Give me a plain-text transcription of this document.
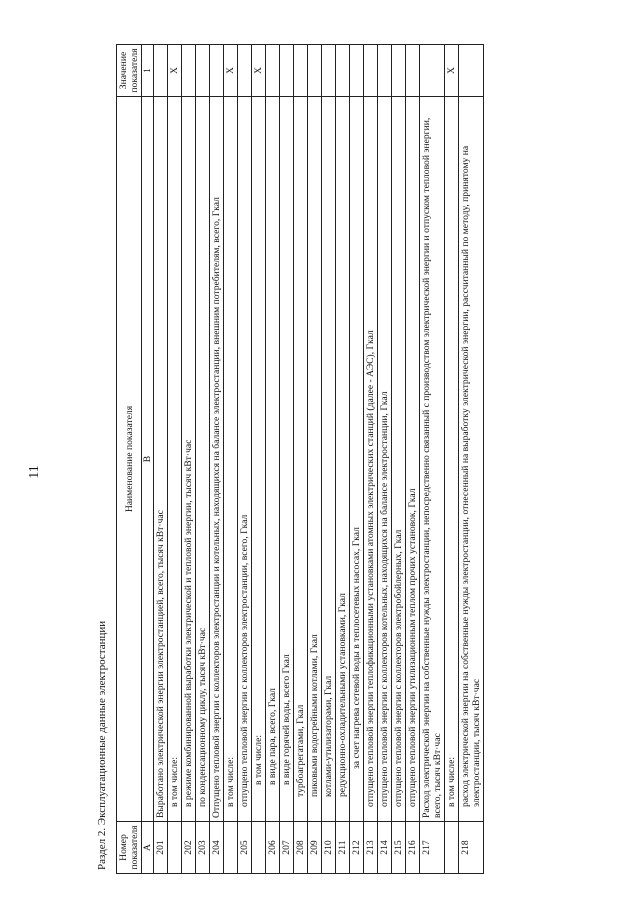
11
Раздел 2. Эксплуатационные данные электростанции Номер показателя	Наименование показателя	Значение показателя
А	В	1
201	Выработано электрической энергии электростанцией, всего, тысяч кВт·час	
	в том числе:	Х
202	в режиме комбинированной выработки электрической и тепловой энергии, тысяч кВт·час	
203	по конденсационному циклу, тысяч кВт·час	
204	Отпущено тепловой энергии с коллекторов электростанции и котельных, находящихся на балансе электростанции, внешним потребителям, всего, Гкал	
	в том числе:	Х
205	отпущено тепловой энергии с коллекторов электростанции, всего, Гкал	
	в том числе:	Х
206	в виде пара, всего, Гкал	
207	в виде горячей воды, всего Гкал	
208	турбоагрегатами, Гкал	
209	пиковыми водогрейными котлами, Гкал	
210	котлами-утилизаторами, Гкал	
211	редукционно-охладительными установками, Гкал	
212	за счет нагрева сетевой воды в теплосетевых насосах, Гкал	
213	отпущено тепловой энергии теплофикационными установками атомных электрических станций (далее - АЭС), Гкал	
214	отпущено тепловой энергии с коллекторов котельных, находящихся на балансе электростанции, Гкал	
215	отпущено тепловой энергии с коллекторов электробойлерных, Гкал	
216	отпущено тепловой энергии утилизационным теплом прочих установок, Гкал	
217	Расход электрической энергии на собственные нужды электростанции, непосредственно связанный с производством электрической энергии и отпуском тепловой энергии, всего, тысяч кВт·час	
	в том числе:	Х
218	расход электрической энергии на собственные нужды электростанции, отнесенный на выработку электрической энергии, рассчитанный по методу, принятому на электростанции, тысяч кВт·час	
